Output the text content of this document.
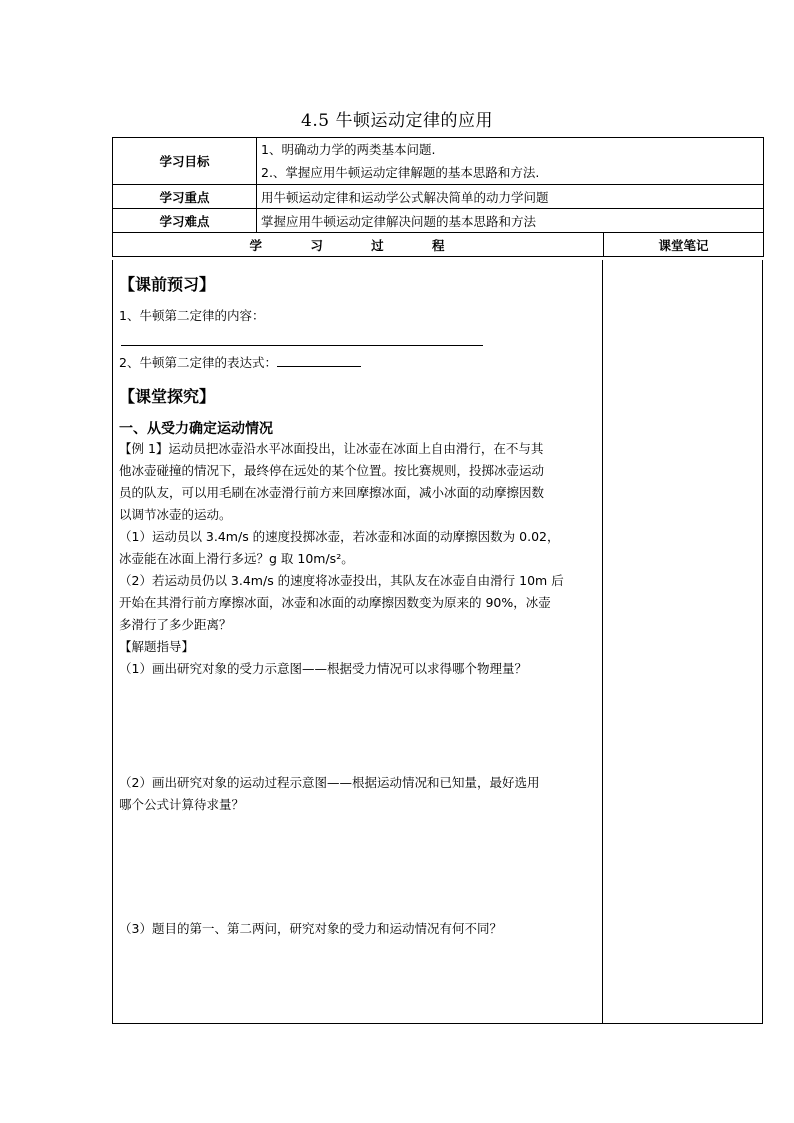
4.5 牛顿运动定律的应用
学习目标	1、明确动力学的两类基本问题.
2.、掌握应用牛顿运动定律解题的基本思路和方法.	

学习重点	用牛顿运动定律和运动学公式解决简单的动力学问题	
学习难点	掌握应用牛顿运动定律解决问题的基本思路和方法	
学 习 过 程		课堂笔记
【课前预习】
1、牛顿第二定律的内容：
2、牛顿第二定律的表达式：
【课堂探究】
一、从受力确定运动情况
【例 1】运动员把冰壶沿水平冰面投出，让冰壶在冰面上自由滑行，在不与其
他冰壶碰撞的情况下，最终停在远处的某个位置。按比赛规则，投掷冰壶运动
员的队友，可以用毛刷在冰壶滑行前方来回摩擦冰面，减小冰面的动摩擦因数
以调节冰壶的运动。
（1）运动员以 3.4m/s 的速度投掷冰壶，若冰壶和冰面的动摩擦因数为 0.02，
冰壶能在冰面上滑行多远？g 取 10m/s²。
（2）若运动员仍以 3.4m/s 的速度将冰壶投出，其队友在冰壶自由滑行 10m 后
开始在其滑行前方摩擦冰面，冰壶和冰面的动摩擦因数变为原来的 90%，冰壶
多滑行了多少距离？
【解题指导】
（1）画出研究对象的受力示意图——根据受力情况可以求得哪个物理量？
（2）画出研究对象的运动过程示意图——根据运动情况和已知量，最好选用
哪个公式计算待求量？
（3）题目的第一、第二两问，研究对象的受力和运动情况有何不同？
